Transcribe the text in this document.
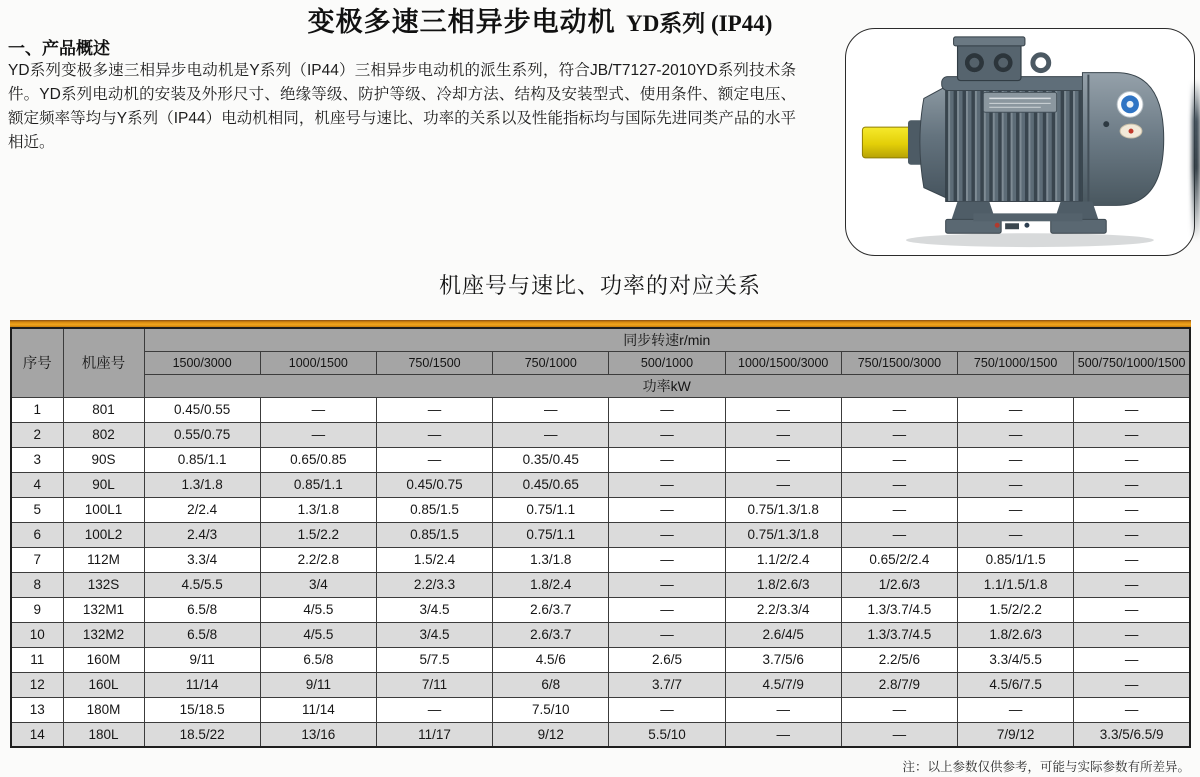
变极多速三相异步电动机 YD系列 (IP44)
一、产品概述

YD系列变极多速三相异步电动机是Y系列（IP44）三相异步电动机的派生系列，符合JB/T7127-2010YD系列技术条件。YD系列电动机的安装及外形尺寸、绝缘等级、防护等级、冷却方法、结构及安装型式、使用条件、额定电压、额定频率等均与Y系列（IP44）电动机相同，机座号与速比、功率的关系以及性能指标均与国际先进同类产品的水平相近。

机座号与速比、功率的对应关系
序号	机座号	同步转速r/min								
		1500/3000	1000/1500	750/1500	750/1000	500/1000	1000/1500/3000	750/1500/3000	750/1000/1500	500/750/1000/1500
		功率kW								
1	801	0.45/0.55	—	—	—	—	—	—	—	—
2	802	0.55/0.75	—	—	—	—	—	—	—	—
3	90S	0.85/1.1	0.65/0.85	—	0.35/0.45	—	—	—	—	—
4	90L	1.3/1.8	0.85/1.1	0.45/0.75	0.45/0.65	—	—	—	—	—
5	100L1	2/2.4	1.3/1.8	0.85/1.5	0.75/1.1	—	0.75/1.3/1.8	—	—	—
6	100L2	2.4/3	1.5/2.2	0.85/1.5	0.75/1.1	—	0.75/1.3/1.8	—	—	—
7	112M	3.3/4	2.2/2.8	1.5/2.4	1.3/1.8	—	1.1/2/2.4	0.65/2/2.4	0.85/1/1.5	—
8	132S	4.5/5.5	3/4	2.2/3.3	1.8/2.4	—	1.8/2.6/3	1/2.6/3	1.1/1.5/1.8	—
9	132M1	6.5/8	4/5.5	3/4.5	2.6/3.7	—	2.2/3.3/4	1.3/3.7/4.5	1.5/2/2.2	—
10	132M2	6.5/8	4/5.5	3/4.5	2.6/3.7	—	2.6/4/5	1.3/3.7/4.5	1.8/2.6/3	—
11	160M	9/11	6.5/8	5/7.5	4.5/6	2.6/5	3.7/5/6	2.2/5/6	3.3/4/5.5	—
12	160L	11/14	9/11	7/11	6/8	3.7/7	4.5/7/9	2.8/7/9	4.5/6/7.5	—
13	180M	15/18.5	11/14	—	7.5/10	—	—	—	—	—
14	180L	18.5/22	13/16	11/17	9/12	5.5/10	—	—	7/9/12	3.3/5/6.5/9
注：以上参数仅供参考，可能与实际参数有所差异。
